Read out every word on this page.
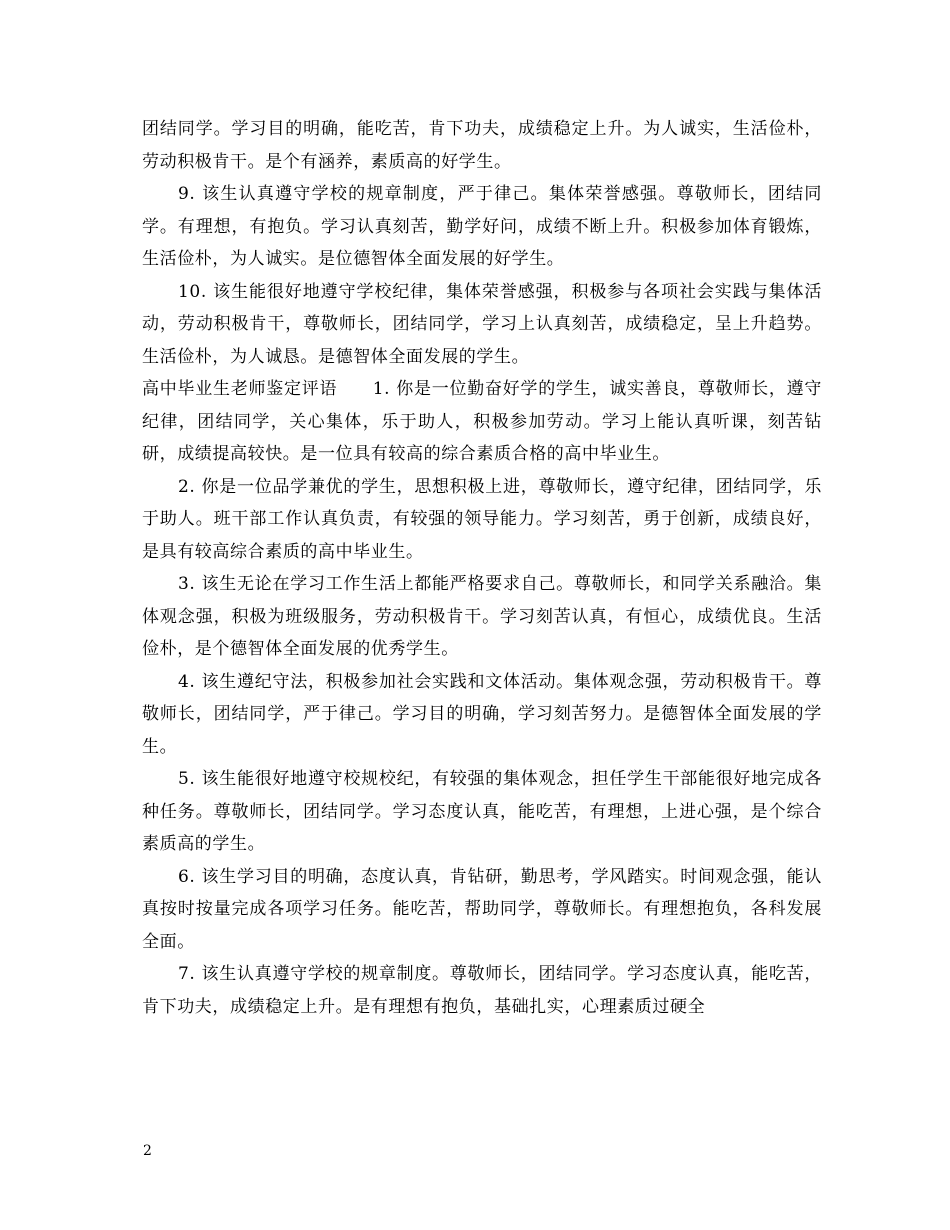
团结同学。学习目的明确，能吃苦，肯下功夫，成绩稳定上升。为人诚实，生活俭朴，劳动积极肯干。是个有涵养，素质高的好学生。

9. 该生认真遵守学校的规章制度，严于律己。集体荣誉感强。尊敬师长，团结同学。有理想，有抱负。学习认真刻苦，勤学好问，成绩不断上升。积极参加体育锻炼，生活俭朴，为人诚实。是位德智体全面发展的好学生。

10. 该生能很好地遵守学校纪律，集体荣誉感强，积极参与各项社会实践与集体活动，劳动积极肯干，尊敬师长，团结同学，学习上认真刻苦，成绩稳定，呈上升趋势。生活俭朴，为人诚恳。是德智体全面发展的学生。

高中毕业生老师鉴定评语　　1. 你是一位勤奋好学的学生，诚实善良，尊敬师长，遵守纪律，团结同学，关心集体，乐于助人，积极参加劳动。学习上能认真听课，刻苦钻研，成绩提高较快。是一位具有较高的综合素质合格的高中毕业生。

2. 你是一位品学兼优的学生，思想积极上进，尊敬师长，遵守纪律，团结同学，乐于助人。班干部工作认真负责，有较强的领导能力。学习刻苦，勇于创新，成绩良好，是具有较高综合素质的高中毕业生。

3. 该生无论在学习工作生活上都能严格要求自己。尊敬师长，和同学关系融洽。集体观念强，积极为班级服务，劳动积极肯干。学习刻苦认真，有恒心，成绩优良。生活俭朴，是个德智体全面发展的优秀学生。

4. 该生遵纪守法，积极参加社会实践和文体活动。集体观念强，劳动积极肯干。尊敬师长，团结同学，严于律己。学习目的明确，学习刻苦努力。是德智体全面发展的学生。

5. 该生能很好地遵守校规校纪，有较强的集体观念，担任学生干部能很好地完成各种任务。尊敬师长，团结同学。学习态度认真，能吃苦，有理想，上进心强，是个综合素质高的学生。

6. 该生学习目的明确，态度认真，肯钻研，勤思考，学风踏实。时间观念强，能认真按时按量完成各项学习任务。能吃苦，帮助同学，尊敬师长。有理想抱负，各科发展全面。

7. 该生认真遵守学校的规章制度。尊敬师长，团结同学。学习态度认真，能吃苦，肯下功夫，成绩稳定上升。是有理想有抱负，基础扎实，心理素质过硬全

2
